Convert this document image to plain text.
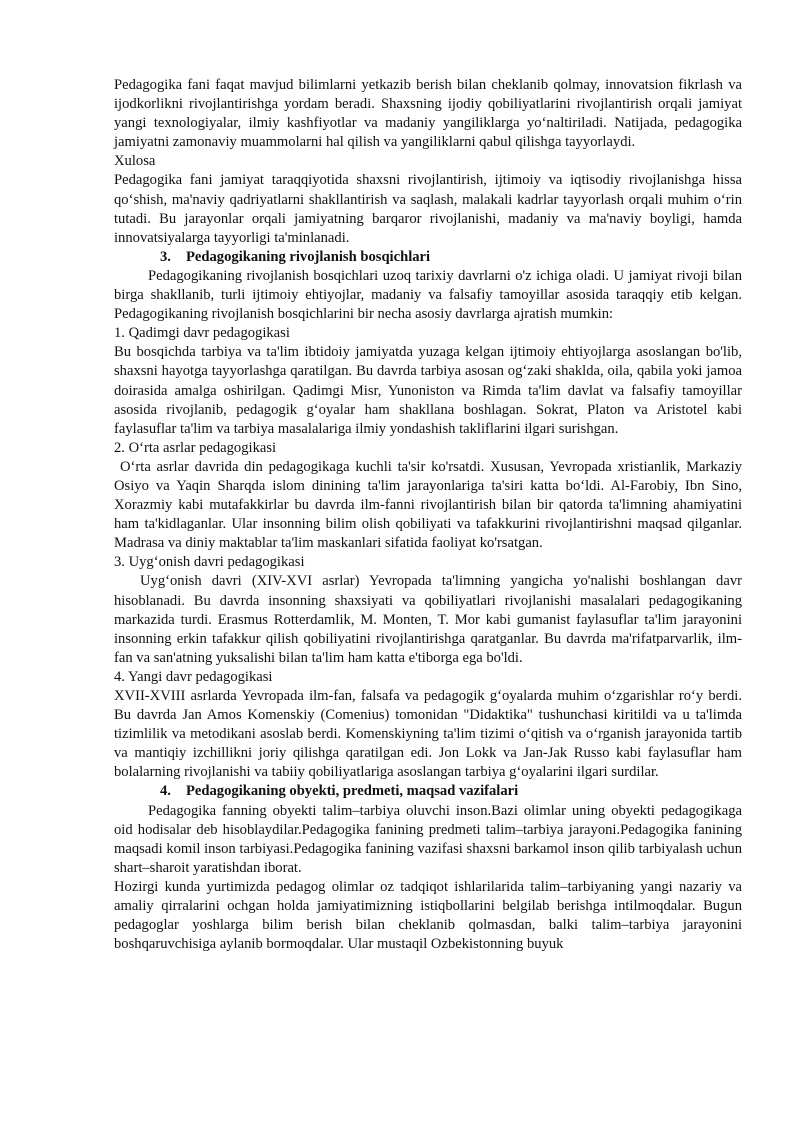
Pedagogika fani faqat mavjud bilimlarni yetkazib berish bilan cheklanib qolmay, innovatsion fikrlash va ijodkorlikni rivojlantirishga yordam beradi. Shaxsning ijodiy qobiliyatlarini rivojlantirish orqali jamiyat yangi texnologiyalar, ilmiy kashfiyotlar va madaniy yangiliklarga yoʻnaltiriladi. Natijada, pedagogika jamiyatni zamonaviy muammolarni hal qilish va yangiliklarni qabul qilishga tayyorlaydi.

Xulosa

Pedagogika fani jamiyat taraqqiyotida shaxsni rivojlantirish, ijtimoiy va iqtisodiy rivojlanishga hissa qoʻshish, ma'naviy qadriyatlarni shakllantirish va saqlash, malakali kadrlar tayyorlash orqali muhim oʻrin tutadi. Bu jarayonlar orqali jamiyatning barqaror rivojlanishi, madaniy va ma'naviy boyligi, hamda innovatsiyalarga tayyorligi ta'minlanadi.

3. Pedagogikaning rivojlanish bosqichlari

Pedagogikaning rivojlanish bosqichlari uzoq tarixiy davrlarni o'z ichiga oladi. U jamiyat rivoji bilan birga shakllanib, turli ijtimoiy ehtiyojlar, madaniy va falsafiy tamoyillar asosida taraqqiy etib kelgan. Pedagogikaning rivojlanish bosqichlarini bir necha asosiy davrlarga ajratish mumkin:

1. Qadimgi davr pedagogikasi

Bu bosqichda tarbiya va ta'lim ibtidoiy jamiyatda yuzaga kelgan ijtimoiy ehtiyojlarga asoslangan bo'lib, shaxsni hayotga tayyorlashga qaratilgan. Bu davrda tarbiya asosan ogʻzaki shaklda, oila, qabila yoki jamoa doirasida amalga oshirilgan. Qadimgi Misr, Yunoniston va Rimda ta'lim davlat va falsafiy tamoyillar asosida rivojlanib, pedagogik gʻoyalar ham shakllana boshlagan. Sokrat, Platon va Aristotel kabi faylasuflar ta'lim va tarbiya masalalariga ilmiy yondashish takliflarini ilgari surishgan.

2. Oʻrta asrlar pedagogikasi

Oʻrta asrlar davrida din pedagogikaga kuchli ta'sir ko'rsatdi. Xususan, Yevropada xristianlik, Markaziy Osiyo va Yaqin Sharqda islom dinining ta'lim jarayonlariga ta'siri katta boʻldi. Al-Farobiy, Ibn Sino, Xorazmiy kabi mutafakkirlar bu davrda ilm-fanni rivojlantirish bilan bir qatorda ta'limning ahamiyatini ham ta'kidlaganlar. Ular insonning bilim olish qobiliyati va tafakkurini rivojlantirishni maqsad qilganlar. Madrasa va diniy maktablar ta'lim maskanlari sifatida faoliyat ko'rsatgan.

3. Uygʻonish davri pedagogikasi

Uygʻonish davri (XIV-XVI asrlar) Yevropada ta'limning yangicha yo'nalishi boshlangan davr hisoblanadi. Bu davrda insonning shaxsiyati va qobiliyatlari rivojlanishi masalalari pedagogikaning markazida turdi. Erasmus Rotterdamlik, M. Monten, T. Mor kabi gumanist faylasuflar ta'lim jarayonini insonning erkin tafakkur qilish qobiliyatini rivojlantirishga qaratganlar. Bu davrda ma'rifatparvarlik, ilm-fan va san'atning yuksalishi bilan ta'lim ham katta e'tiborga ega bo'ldi.

4. Yangi davr pedagogikasi

XVII-XVIII asrlarda Yevropada ilm-fan, falsafa va pedagogik gʻoyalarda muhim oʻzgarishlar roʻy berdi. Bu davrda Jan Amos Komenskiy (Comenius) tomonidan "Didaktika" tushunchasi kiritildi va u ta'limda tizimlilik va metodikani asoslab berdi. Komenskiyning ta'lim tizimi oʻqitish va oʻrganish jarayonida tartib va mantiqiy izchillikni joriy qilishga qaratilgan edi. Jon Lokk va Jan-Jak Russo kabi faylasuflar ham bolalarning rivojlanishi va tabiiy qobiliyatlariga asoslangan tarbiya gʻoyalarini ilgari surdilar.

4. Pedagogikaning obyekti, predmeti, maqsad vazifalari

Pedagogika fanning obyekti talim–tarbiya oluvchi inson.Bazi olimlar uning obyekti pedagogikaga oid hodisalar deb hisoblaydilar.Pedagogika fanining predmeti talim–tarbiya jarayoni.Pedagogika fanining maqsadi komil inson tarbiyasi.Pedagogika fanining vazifasi shaxsni barkamol inson qilib tarbiyalash uchun shart–sharoit yaratishdan iborat.

Hozirgi kunda yurtimizda pedagog olimlar oz tadqiqot ishlarilarida talim–tarbiyaning yangi nazariy va amaliy qirralarini ochgan holda jamiyatimizning istiqbollarini belgilab berishga intilmoqdalar. Bugun pedagoglar yoshlarga bilim berish bilan cheklanib qolmasdan, balki talim–tarbiya jarayonini boshqaruvchisiga aylanib bormoqdalar. Ular mustaqil Ozbekistonning buyuk
